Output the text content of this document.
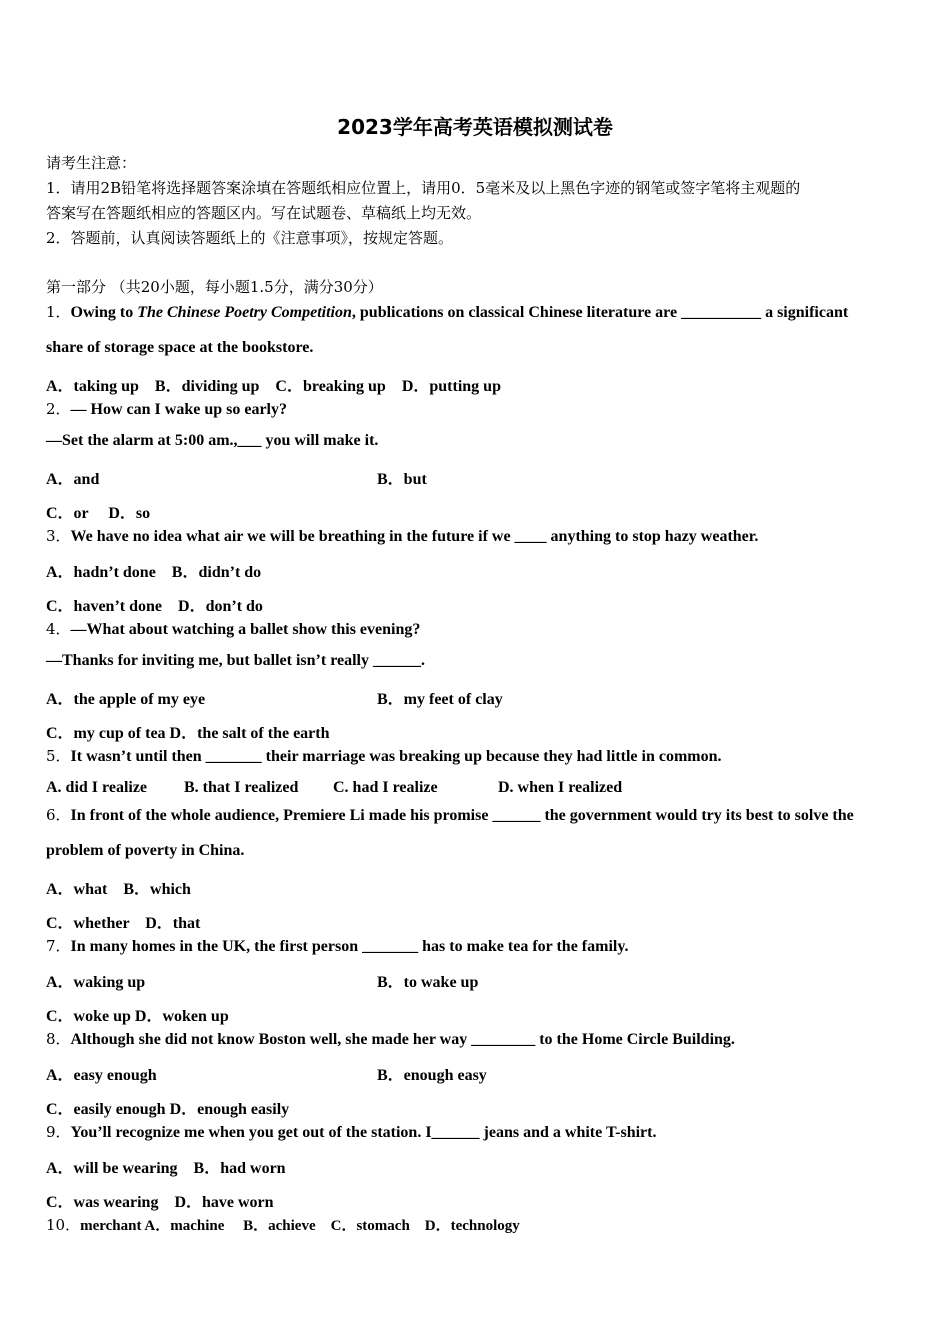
2023学年高考英语模拟测试卷
请考生注意：
1．请用2B铅笔将选择题答案涂填在答题纸相应位置上，请用0．5毫米及以上黑色字迹的钢笔或签字笔将主观题的
答案写在答题纸相应的答题区内。写在试题卷、草稿纸上均无效。
2．答题前，认真阅读答题纸上的《注意事项》，按规定答题。
第一部分 （共20小题，每小题1.5分，满分30分）
1．Owing to The Chinese Poetry Competition, publications on classical Chinese literature are __________ a significant
share of storage space at the bookstore.
A．taking up　B．dividing up　C．breaking up　D．putting up
2．— How can I wake up so early?
—Set the alarm at 5:00 am.,___ you will make it.
A．and	B．but
C．or　 D．so
3．We have no idea what air we will be breathing in the future if we ____ anything to stop hazy weather.
A．hadn’t done　B．didn’t do
C．haven’t done　D．don’t do
4．—What about watching a ballet show this evening?
—Thanks for inviting me, but ballet isn’t really ______.
A．the apple of my eye	B．my feet of clay
C．my cup of tea D．the salt of the earth
5．It wasn’t until then _______ their marriage was breaking up because they had little in common.
A. did I realize B. that I realized C. had I realize	D. when I realized
6．In front of the whole audience, Premiere Li made his promise ______ the government would try its best to solve the
problem of poverty in China.
A．what　B．which
C．whether　D．that
7．In many homes in the UK, the first person _______ has to make tea for the family.
A．waking up	B．to wake up
C．woke up D．woken up
8．Although she did not know Boston well, she made her way ________ to the Home Circle Building.
A．easy enough	B．enough easy
C．easily enough D．enough easily
9．You’ll recognize me when you get out of the station. I______ jeans and a white T-shirt.
A．will be wearing　B．had worn
C．was wearing　D．have worn
10．merchant A．machine　 B．achieve　C．stomach　D．technology
